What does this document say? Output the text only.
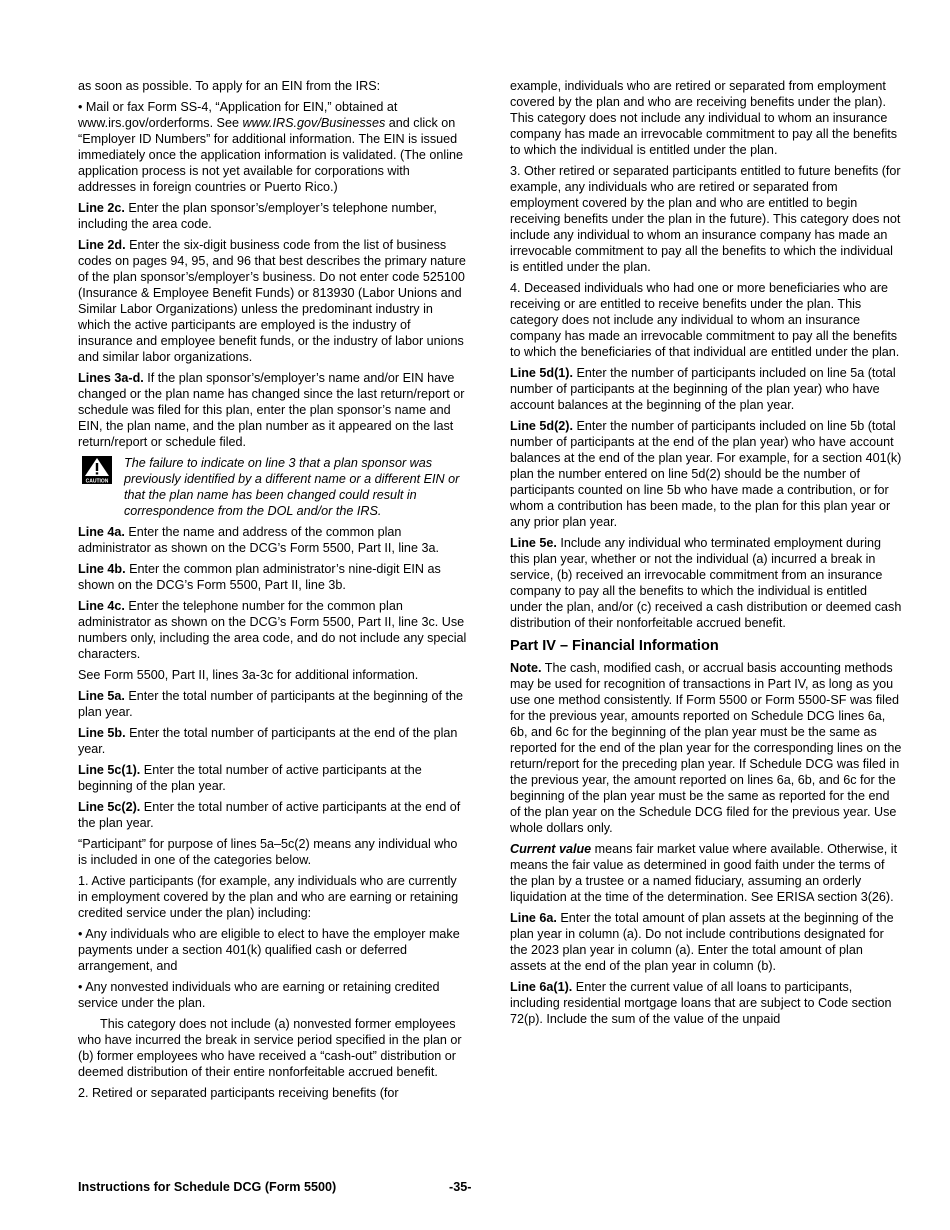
as soon as possible. To apply for an EIN from the IRS:

• Mail or fax Form SS-4, “Application for EIN,” obtained at www.irs.gov/orderforms. See www.IRS.gov/Businesses and click on “Employer ID Numbers” for additional information. The EIN is issued immediately once the application information is validated. (The online application process is not yet available for corporations with addresses in foreign countries or Puerto Rico.)

Line 2c. Enter the plan sponsor’s/employer’s telephone number, including the area code.

Line 2d. Enter the six-digit business code from the list of business codes on pages 94, 95, and 96 that best describes the primary nature of the plan sponsor’s/employer’s business. Do not enter code 525100 (Insurance & Employee Benefit Funds) or 813930 (Labor Unions and Similar Labor Organizations) unless the predominant industry in which the active participants are employed is the industry of insurance and employee benefit funds, or the industry of labor unions and similar labor organizations.

Lines 3a-d. If the plan sponsor’s/employer’s name and/or EIN have changed or the plan name has changed since the last return/report or schedule was filed for this plan, enter the plan sponsor’s name and EIN, the plan name, and the plan number as it appeared on the last return/report or schedule filed.

CAUTION
The failure to indicate on line 3 that a plan sponsor was previously identified by a different name or a different EIN or that the plan name has been changed could result in correspondence from the DOL and/or the IRS.

Line 4a. Enter the name and address of the common plan administrator as shown on the DCG’s Form 5500, Part II, line 3a.

Line 4b. Enter the common plan administrator’s nine-digit EIN as shown on the DCG’s Form 5500, Part II, line 3b.

Line 4c. Enter the telephone number for the common plan administrator as shown on the DCG’s Form 5500, Part II, line 3c. Use numbers only, including the area code, and do not include any special characters.

See Form 5500, Part II, lines 3a-3c for additional information.

Line 5a. Enter the total number of participants at the beginning of the plan year.

Line 5b. Enter the total number of participants at the end of the plan year.

Line 5c(1). Enter the total number of active participants at the beginning of the plan year.

Line 5c(2). Enter the total number of active participants at the end of the plan year.

“Participant” for purpose of lines 5a–5c(2) means any individual who is included in one of the categories below.

1. Active participants (for example, any individuals who are currently in employment covered by the plan and who are earning or retaining credited service under the plan) including:

• Any individuals who are eligible to elect to have the employer make payments under a section 401(k) qualified cash or deferred arrangement, and

• Any nonvested individuals who are earning or retaining credited service under the plan.

This category does not include (a) nonvested former employees who have incurred the break in service period specified in the plan or (b) former employees who have received a “cash-out” distribution or deemed distribution of their entire nonforfeitable accrued benefit.

2. Retired or separated participants receiving benefits (for

example, individuals who are retired or separated from employment covered by the plan and who are receiving benefits under the plan). This category does not include any individual to whom an insurance company has made an irrevocable commitment to pay all the benefits to which the individual is entitled under the plan.

3. Other retired or separated participants entitled to future benefits (for example, any individuals who are retired or separated from employment covered by the plan and who are entitled to begin receiving benefits under the plan in the future). This category does not include any individual to whom an insurance company has made an irrevocable commitment to pay all the benefits to which the individual is entitled under the plan.

4. Deceased individuals who had one or more beneficiaries who are receiving or are entitled to receive benefits under the plan. This category does not include any individual to whom an insurance company has made an irrevocable commitment to pay all the benefits to which the beneficiaries of that individual are entitled under the plan.

Line 5d(1). Enter the number of participants included on line 5a (total number of participants at the beginning of the plan year) who have account balances at the beginning of the plan year.

Line 5d(2). Enter the number of participants included on line 5b (total number of participants at the end of the plan year) who have account balances at the end of the plan year. For example, for a section 401(k) plan the number entered on line 5d(2) should be the number of participants counted on line 5b who have made a contribution, or for whom a contribution has been made, to the plan for this plan year or any prior plan year.

Line 5e. Include any individual who terminated employment during this plan year, whether or not the individual (a) incurred a break in service, (b) received an irrevocable commitment from an insurance company to pay all the benefits to which the individual is entitled under the plan, and/or (c) received a cash distribution or deemed cash distribution of their nonforfeitable accrued benefit.

Part IV – Financial Information

Note. The cash, modified cash, or accrual basis accounting methods may be used for recognition of transactions in Part IV, as long as you use one method consistently. If Form 5500 or Form 5500-SF was filed for the previous year, amounts reported on Schedule DCG lines 6a, 6b, and 6c for the beginning of the plan year must be the same as reported for the end of the plan year for the corresponding lines on the return/report for the preceding plan year. If Schedule DCG was filed in the previous year, the amount reported on lines 6a, 6b, and 6c for the beginning of the plan year must be the same as reported for the end of the plan year on the Schedule DCG filed for the previous year. Use whole dollars only.

Current value means fair market value where available. Otherwise, it means the fair value as determined in good faith under the terms of the plan by a trustee or a named fiduciary, assuming an orderly liquidation at the time of the determination. See ERISA section 3(26).

Line 6a. Enter the total amount of plan assets at the beginning of the plan year in column (a). Do not include contributions designated for the 2023 plan year in column (a). Enter the total amount of plan assets at the end of the plan year in column (b).

Line 6a(1). Enter the current value of all loans to participants, including residential mortgage loans that are subject to Code section 72(p). Include the sum of the value of the unpaid

Instructions for Schedule DCG (Form 5500)	-35-
